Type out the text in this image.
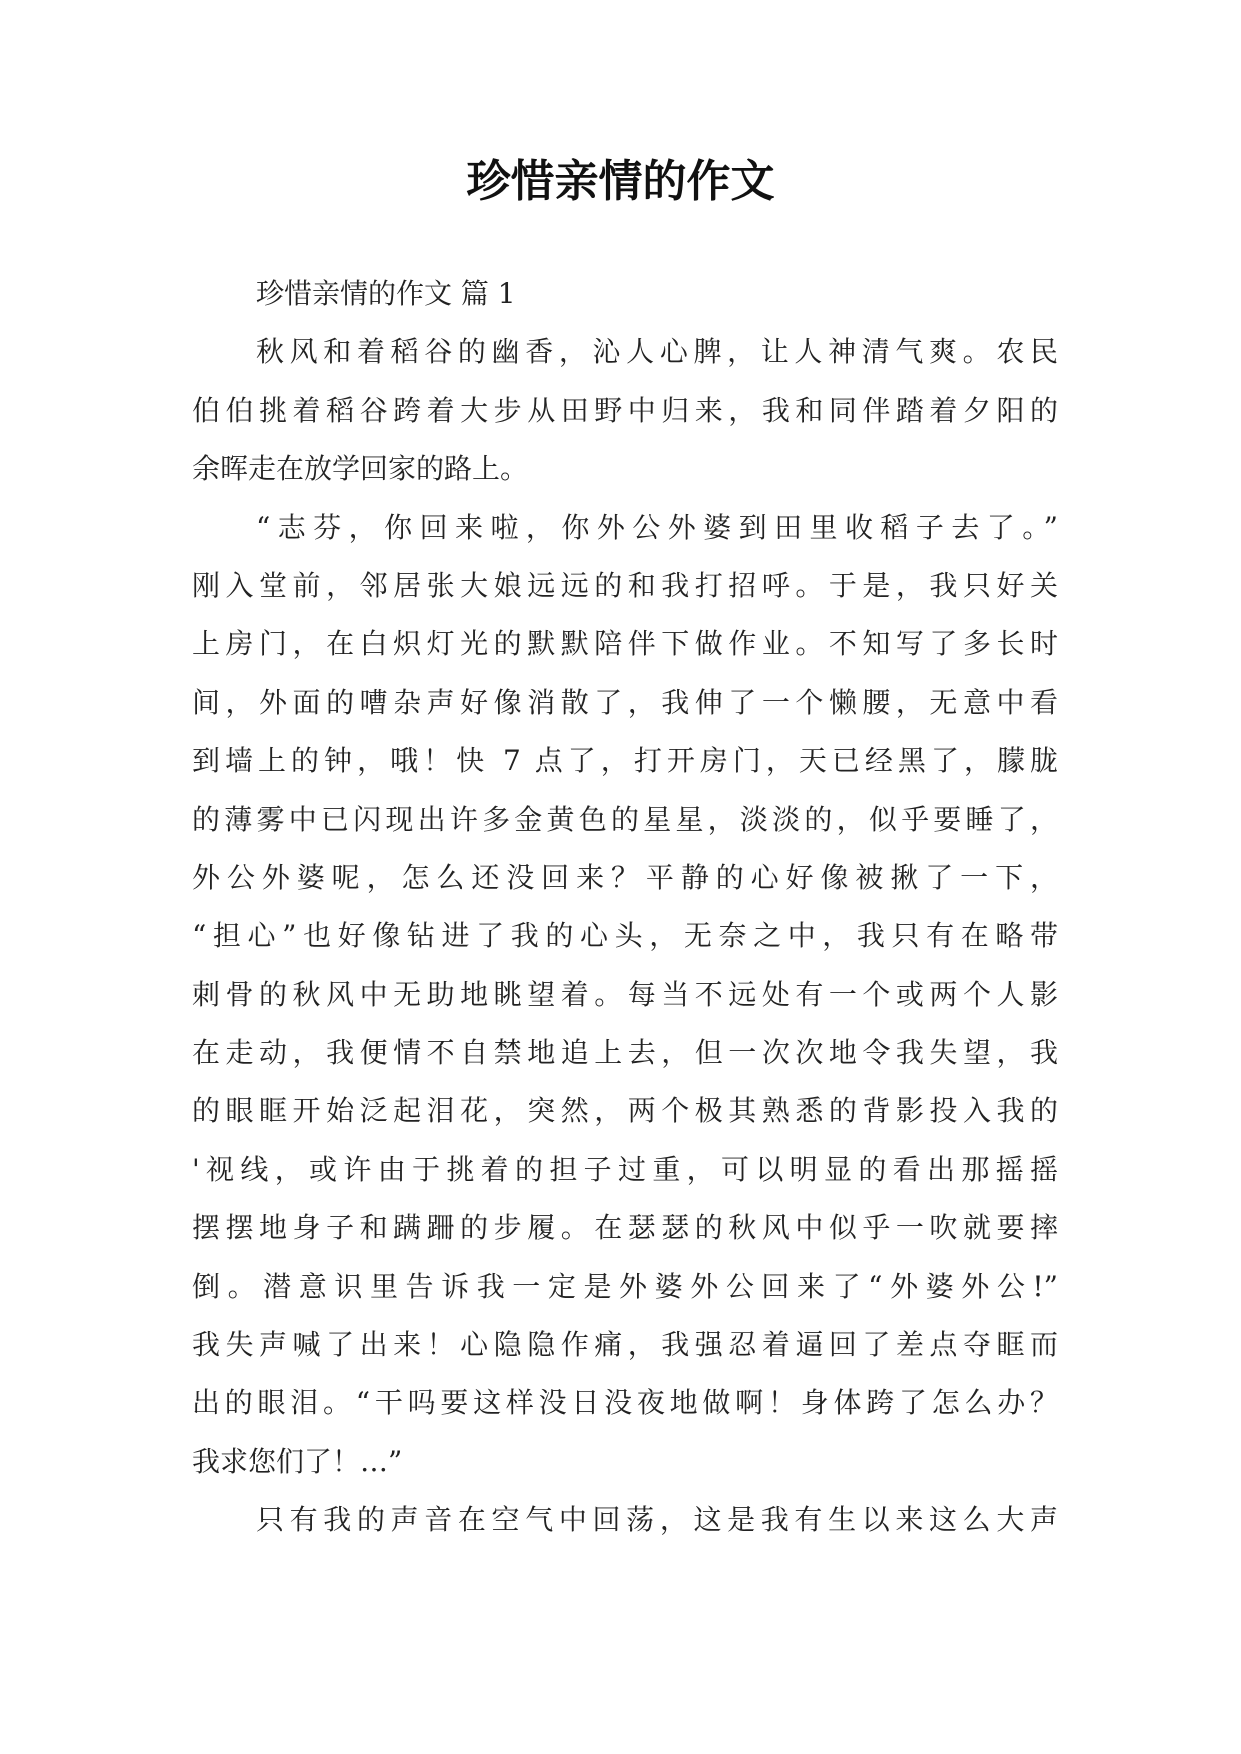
珍惜亲情的作文
珍惜亲情的作文 篇 1
秋风和着稻谷的幽香，沁人心脾，让人神清气爽。农民
伯伯挑着稻谷跨着大步从田野中归来，我和同伴踏着夕阳的
余晖走在放学回家的路上。
“志芬，你回来啦，你外公外婆到田里收稻子去了。”
刚入堂前，邻居张大娘远远的和我打招呼。于是，我只好关
上房门，在白炽灯光的默默陪伴下做作业。不知写了多长时
间，外面的嘈杂声好像消散了，我伸了一个懒腰，无意中看
到墙上的钟，哦！快 7 点了，打开房门，天已经黑了，朦胧
的薄雾中已闪现出许多金黄色的星星，淡淡的，似乎要睡了，
外公外婆呢，怎么还没回来？平静的心好像被揪了一下，
“担心”也好像钻进了我的心头，无奈之中，我只有在略带
刺骨的秋风中无助地眺望着。每当不远处有一个或两个人影
在走动，我便情不自禁地追上去，但一次次地令我失望，我
的眼眶开始泛起泪花，突然，两个极其熟悉的背影投入我的
'视线，或许由于挑着的担子过重，可以明显的看出那摇摇
摆摆地身子和蹒跚的步履。在瑟瑟的秋风中似乎一吹就要摔
倒。潜意识里告诉我一定是外婆外公回来了“外婆外公!”
我失声喊了出来！心隐隐作痛，我强忍着逼回了差点夺眶而
出的眼泪。“干吗要这样没日没夜地做啊！身体跨了怎么办？
我求您们了！…”
只有我的声音在空气中回荡，这是我有生以来这么大声
